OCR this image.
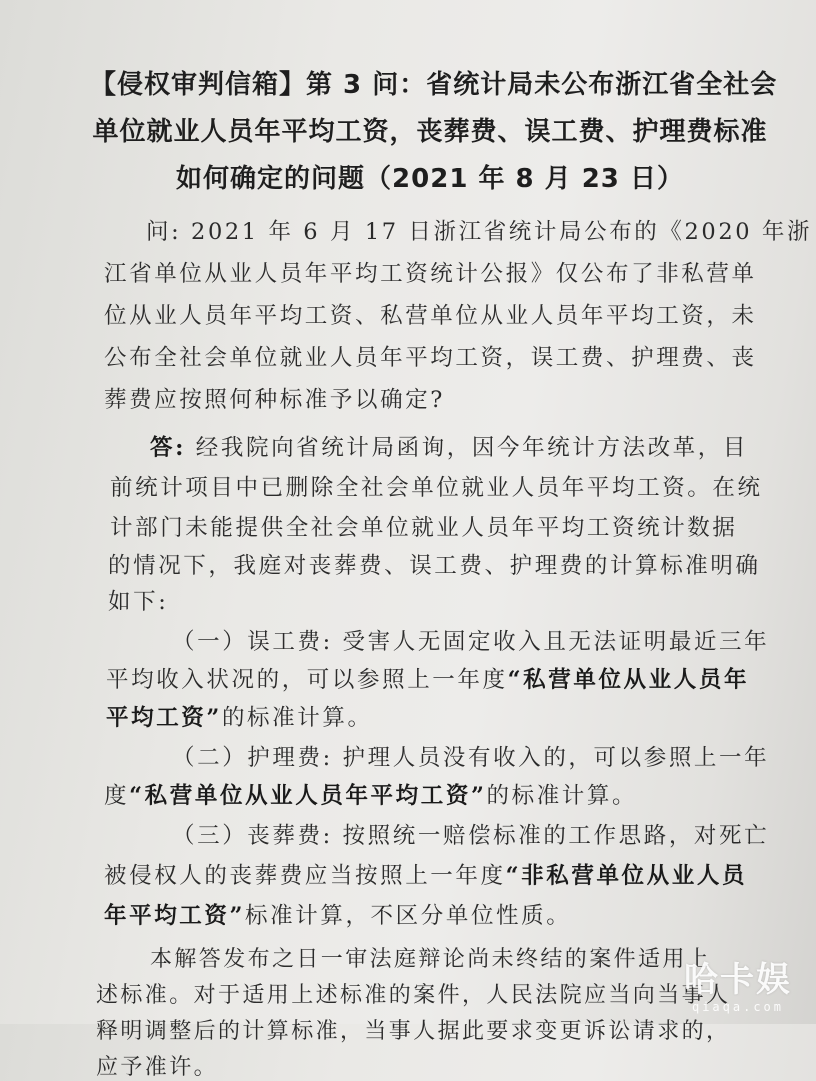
【侵权审判信箱】第 3 问：省统计局未公布浙江省全社会
单位就业人员年平均工资，丧葬费、误工费、护理费标准
如何确定的问题（2021 年 8 月 23 日）
问: 2021 年 6 月 17 日浙江省统计局公布的《2020 年浙
江省单位从业人员年平均工资统计公报》仅公布了非私营单
位从业人员年平均工资、私营单位从业人员年平均工资，未
公布全社会单位就业人员年平均工资，误工费、护理费、丧
葬费应按照何种标准予以确定?
答: 经我院向省统计局函询，因今年统计方法改革，目
前统计项目中已删除全社会单位就业人员年平均工资。在统
计部门未能提供全社会单位就业人员年平均工资统计数据
的情况下，我庭对丧葬费、误工费、护理费的计算标准明确
如下:
（一）误工费: 受害人无固定收入且无法证明最近三年
平均收入状况的，可以参照上一年度“私营单位从业人员年
平均工资”的标准计算。
（二）护理费: 护理人员没有收入的，可以参照上一年
度“私营单位从业人员年平均工资”的标准计算。
（三）丧葬费: 按照统一赔偿标准的工作思路，对死亡
被侵权人的丧葬费应当按照上一年度“非私营单位从业人员
年平均工资”标准计算，不区分单位性质。
本解答发布之日一审法庭辩论尚未终结的案件适用上
述标准。对于适用上述标准的案件，人民法院应当向当事人
释明调整后的计算标准，当事人据此要求变更诉讼请求的，
应予准许。
哈卡娱
qiaqa.com
